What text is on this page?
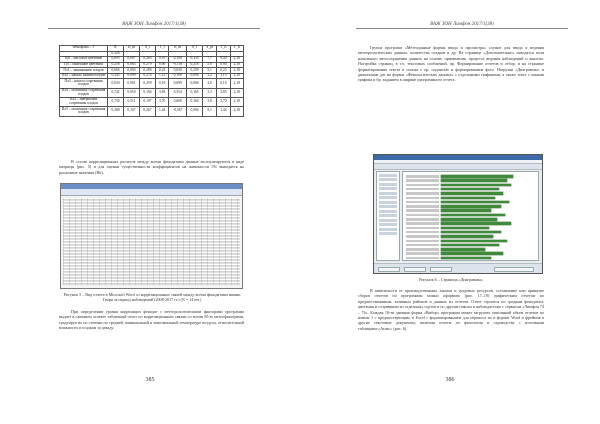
ВАЖ ЗОН Лимфон 2017/1(38)
Фенофазы – Т	R	D_m	S_t	T_f	R_m	S_f	S_pr	T_fi	T_fl
	0,326								
ЦВ – массовое цветение	0,695	0,007	0,263	0,10	0,100	0,335	7,7	0,30	2,18
ЦЗ – окончание цветения	0,258	0,063	0,279	0,90	-0,193	0,218	5,0	0,90	2,18
Пл1 – завязывание плодов	0,666	0,094	0,280	0,23	0,630	0,259	5,1	0,23	2,18
Пл2 – начало налива плодов	0,345	0,099	0,274	1,15	0,100	0,094	2,2	1,15	2,18
Пл3 – начало созревания плодов	0,630	0,001	0,259	0,10	0,099	0,066	2,0	0,10	2,18
Пл4 – окончание созревания плодов	0,742	0,050	0,194	3,83	0,554	0,165	3,3	3,83	2,18
Пл4 – завершение созревания плодов	0,730	0,511	0,197	3,70	0,608	0,164	3,8	3,70	2,18
Пл5 – окончание созревания плодов	0,388	0,107	0,267	1,44	-0,567	0,094	9,1	1,44	2,18
В случае корреляционных расчетов между всеми фенодатами данные эксплуатируются в виде матрицы (рис. 5) и для оценки существенности коэффициентов на значимости 5% выводятся на различные значения (Rit).
Рисунок 5 – Вид отчета в Microsoft Word со корреляционных связей между всеми фенодатами вишни Генри за период наблюдений (2008-2017 гг.) (N = 14 шт.)
При определении уровня корреляции фенодат с метеорологическими факторами программа выдает в сжимном аспекте табличный отчет по корреляционным связям со всеми 85-ю метеофакторами, градуируя их по степени по средней, минимальной и максимальной температуре воздуха, относительной влажности и осадкам за декаду.
385
ВАЖ ЗОН Лимфон 2017/1(38)
Группа программ «Метеоданные формы ввода и просмотра» служит для ввода и ведения метеорологических данных, количества осадков и др. На странице «Дополнительно» находятся поля начального автосохранения данных на основе, применения, процесса ведения наблюдений и анализа. Настройка страниц, в т.ч. текстовых сообщений, пр. Формирование отчетов и отбор, и на странице форматирования текста и списка с пр. подписью и формированием фото. Нагрузки «Диаграммы» и диапазонам дат на формы «Фенологических данных» с отдельными графиками, а также текст с окнами графика и бр. заданием в ширине программного отчета.
Рисунок 6 – Страница «Диаграммы»
В зависимости от производственных заказов и трудовых ресурсов, составление или принятие сборов отчетов по программам можно оформить (рис. 17–19) графическим отчетом по предшественникам, заливных районов и данных из отчетов. Отчет строится по средним фенодатам, цветения и созреванию из отдельных сортов и по другим поясам и наблюдателям с сервисом «Лимфон 74 – 76». Каждая 10-ти дневная форма «Выбор» программа может загрузить описанный объем отчетов по новым 1 с предшествующим, в Excel с форматированием для переноса их в формат Word и фреймов в другие текстовые документы, включая отчеты по фенологии и садоводству с итоговыми таблицами-«Атлас» (рис. 6).
386
